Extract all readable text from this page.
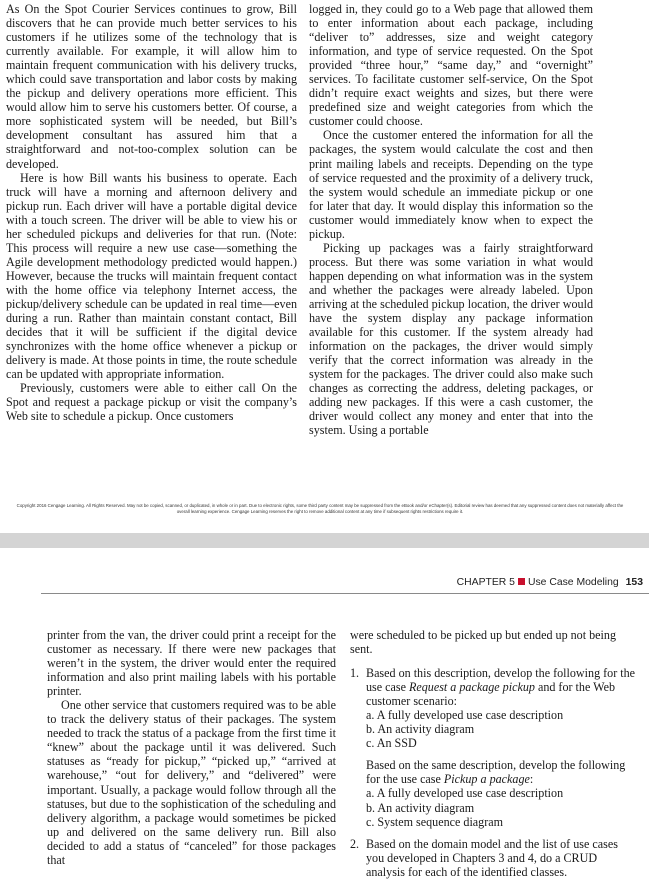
As On the Spot Courier Services continues to grow, Bill discovers that he can provide much better services to his customers if he utilizes some of the technology that is currently available. For example, it will allow him to maintain frequent communication with his delivery trucks, which could save transportation and labor costs by making the pickup and delivery operations more efficient. This would allow him to serve his customers better. Of course, a more sophisticated system will be needed, but Bill’s development consultant has assured him that a straightforward and not-too-complex solution can be developed.

Here is how Bill wants his business to operate. Each truck will have a morning and afternoon delivery and pickup run. Each driver will have a portable digital device with a touch screen. The driver will be able to view his or her scheduled pickups and deliveries for that run. (Note: This process will require a new use case—something the Agile development methodology predicted would happen.) However, because the trucks will maintain frequent contact with the home office via telephony Internet access, the pickup/delivery schedule can be updated in real time—even during a run. Rather than maintain constant contact, Bill decides that it will be sufficient if the digital device synchronizes with the home office whenever a pickup or delivery is made. At those points in time, the route schedule can be updated with appropriate information.

Previously, customers were able to either call On the Spot and request a package pickup or visit the company’s Web site to schedule a pickup. Once customers

logged in, they could go to a Web page that allowed them to enter information about each package, including “deliver to” addresses, size and weight category information, and type of service requested. On the Spot provided “three hour,” “same day,” and “overnight” services. To facilitate customer self-service, On the Spot didn’t require exact weights and sizes, but there were predefined size and weight categories from which the customer could choose.

Once the customer entered the information for all the packages, the system would calculate the cost and then print mailing labels and receipts. Depending on the type of service requested and the proximity of a delivery truck, the system would schedule an immediate pickup or one for later that day. It would display this information so the customer would immediately know when to expect the pickup.

Picking up packages was a fairly straightforward process. But there was some variation in what would happen depending on what information was in the system and whether the packages were already labeled. Upon arriving at the scheduled pickup location, the driver would have the system display any package information available for this customer. If the system already had information on the packages, the driver would simply verify that the correct information was already in the system for the packages. The driver could also make such changes as correcting the address, deleting packages, or adding new packages. If this were a cash customer, the driver would collect any money and enter that into the system. Using a portable

Copyright 2016 Cengage Learning. All Rights Reserved. May not be copied, scanned, or duplicated, in whole or in part. Due to electronic rights, some third party content may be suppressed from the eBook and/or eChapter(s). Editorial review has deemed that any suppressed content does not materially affect the overall learning experience. Cengage Learning reserves the right to remove additional content at any time if subsequent rights restrictions require it.
CHAPTER 5 Use Case Modeling 153

printer from the van, the driver could print a receipt for the customer as necessary. If there were new packages that weren’t in the system, the driver would enter the required information and also print mailing labels with his portable printer.

One other service that customers required was to be able to track the delivery status of their packages. The system needed to track the status of a package from the first time it “knew” about the package until it was delivered. Such statuses as “ready for pickup,” “picked up,” “arrived at warehouse,” “out for delivery,” and “delivered” were important. Usually, a package would follow through all the statuses, but due to the sophistication of the scheduling and delivery algorithm, a package would sometimes be picked up and delivered on the same delivery run. Bill also decided to add a status of “canceled” for those packages that

were scheduled to be picked up but ended up not being sent.

1. Based on this description, develop the following for the use case Request a package pickup and for the Web customer scenario:
a. A fully developed use case description
b. An activity diagram
c. An SSD
Based on the same description, develop the following for the use case Pickup a package:
a. A fully developed use case description
b. An activity diagram
c. System sequence diagram
2. Based on the domain model and the list of use cases you developed in Chapters 3 and 4, do a CRUD analysis for each of the identified classes.
